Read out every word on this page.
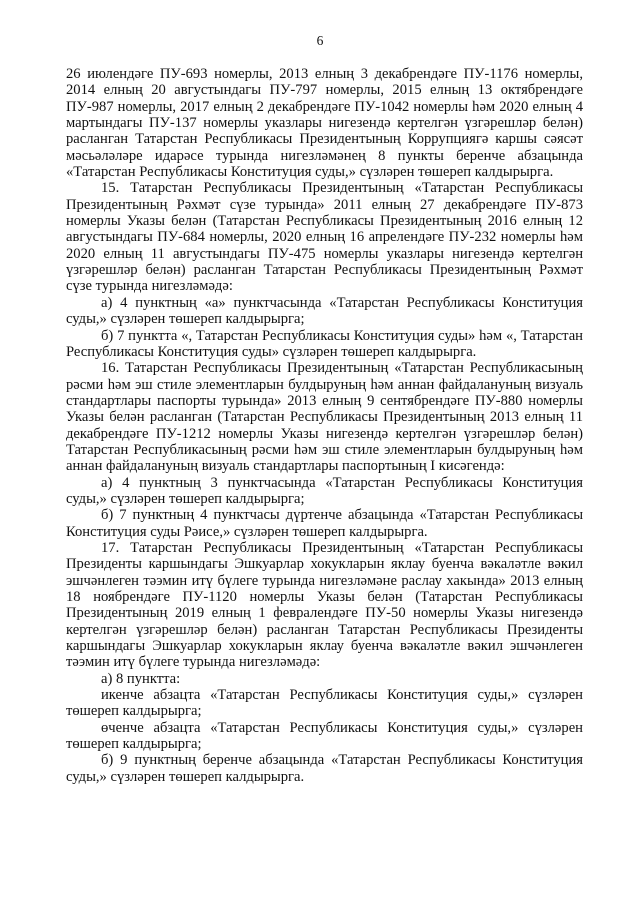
6

26 июлендәге ПУ-693 номерлы, 2013 елның 3 декабрендәге ПУ-1176 номерлы, 2014 елның 20 августындагы ПУ-797 номерлы, 2015 елның 13 октябрендәге ПУ-987 номерлы, 2017 елның 2 декабрендәге ПУ-1042 номерлы һәм 2020 елның 4 мартындагы ПУ-137 номерлы указлары нигезендә кертелгән үзгәрешләр белән) расланган Татарстан Республикасы Президентының Коррупциягә каршы сәясәт мәсьәләләре идарәсе турында нигезләмәнең 8 пункты беренче абзацында «Татарстан Республикасы Конституция суды,» сүзләрен төшереп калдырырга.

15. Татарстан Республикасы Президентының «Татарстан Республикасы Президентының Рәхмәт сүзе турында» 2011 елның 27 декабрендәге ПУ-873 номерлы Указы белән (Татарстан Республикасы Президентының 2016 елның 12 августындагы ПУ-684 номерлы, 2020 елның 16 апрелендәге ПУ-232 номерлы һәм 2020 елның 11 августындагы ПУ-475 номерлы указлары нигезендә кертелгән үзгәрешләр белән) расланган Татарстан Республикасы Президентының Рәхмәт сүзе турында нигезләмәдә:

а) 4 пунктның «а» пунктчасында «Татарстан Республикасы Конституция суды,» сүзләрен төшереп калдырырга;

б) 7 пунктта «, Татарстан Республикасы Конституция суды» һәм «, Татарстан Республикасы Конституция суды» сүзләрен төшереп калдырырга.

16. Татарстан Республикасы Президентының «Татарстан Республикасының рәсми һәм эш стиле элементларын булдыруның һәм аннан файдалануның визуаль стандартлары паспорты турында» 2013 елның 9 сентябрендәге ПУ-880 номерлы Указы белән расланган (Татарстан Республикасы Президентының 2013 елның 11 декабрендәге ПУ-1212 номерлы Указы нигезендә кертелгән үзгәрешләр белән) Татарстан Республикасының рәсми һәм эш стиле элементларын булдыруның һәм аннан файдалануның визуаль стандартлары паспортының I кисәгендә:

а) 4 пунктның 3 пунктчасында «Татарстан Республикасы Конституция суды,» сүзләрен төшереп калдырырга;

б) 7 пунктның 4 пунктчасы дүртенче абзацында «Татарстан Республикасы Конституция суды Рәисе,» сүзләрен төшереп калдырырга.

17. Татарстан Республикасы Президентының «Татарстан Республикасы Президенты каршындагы Эшкуарлар хокукларын яклау буенча вәкаләтле вәкил эшчәнлеген тәэмин итү бүлеге турында нигезләмәне раслау хакында» 2013 елның 18 ноябрендәге ПУ-1120 номерлы Указы белән (Татарстан Республикасы Президентының 2019 елның 1 февралендәге ПУ-50 номерлы Указы нигезендә кертелгән үзгәрешләр белән) расланган Татарстан Республикасы Президенты каршындагы Эшкуарлар хокукларын яклау буенча вәкаләтле вәкил эшчәнлеген тәэмин итү бүлеге турында нигезләмәдә:

а) 8 пунктта:

икенче абзацта «Татарстан Республикасы Конституция суды,» сүзләрен төшереп калдырырга;

өченче абзацта «Татарстан Республикасы Конституция суды,» сүзләрен төшереп калдырырга;

б) 9 пунктның беренче абзацында «Татарстан Республикасы Конституция суды,» сүзләрен төшереп калдырырга.
